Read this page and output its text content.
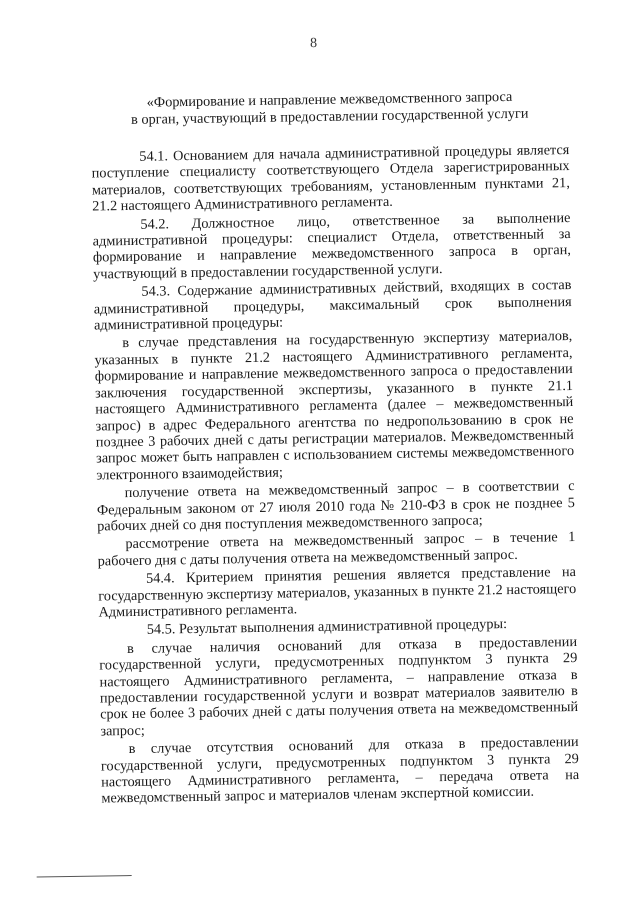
8
«Формирование и направление межведомственного запроса
в орган, участвующий в предоставлении государственной услуги

54.1. Основанием для начала административной процедуры является поступление специалисту соответствующего Отдела зарегистрированных материалов, соответствующих требованиям, установленным пунктами 21, 21.2 настоящего Административного регламента.

54.2. Должностное лицо, ответственное за выполнение административной процедуры: специалист Отдела, ответственный за формирование и направление межведомственного запроса в орган, участвующий в предоставлении государственной услуги.

54.3. Содержание административных действий, входящих в состав административной процедуры, максимальный срок выполнения административной процедуры:

в случае представления на государственную экспертизу материалов, указанных в пункте 21.2 настоящего Административного регламента, формирование и направление межведомственного запроса о предоставлении заключения государственной экспертизы, указанного в пункте 21.1 настоящего Административного регламента (далее – межведомственный запрос) в адрес Федерального агентства по недропользованию в срок не позднее 3 рабочих дней с даты регистрации материалов. Межведомственный запрос может быть направлен с использованием системы межведомственного электронного взаимодействия;

получение ответа на межведомственный запрос – в соответствии с Федеральным законом от 27 июля 2010 года № 210-ФЗ в срок не позднее 5 рабочих дней со дня поступления межведомственного запроса;

рассмотрение ответа на межведомственный запрос – в течение 1 рабочего дня с даты получения ответа на межведомственный запрос.

54.4. Критерием принятия решения является представление на государственную экспертизу материалов, указанных в пункте 21.2 настоящего Административного регламента.

54.5. Результат выполнения административной процедуры:

в случае наличия оснований для отказа в предоставлении государственной услуги, предусмотренных подпунктом 3 пункта 29 настоящего Административного регламента, – направление отказа в предоставлении государственной услуги и возврат материалов заявителю в срок не более 3 рабочих дней с даты получения ответа на межведомственный запрос;

в случае отсутствия оснований для отказа в предоставлении государственной услуги, предусмотренных подпунктом 3 пункта 29 настоящего Административного регламента, – передача ответа на межведомственный запрос и материалов членам экспертной комиссии.
